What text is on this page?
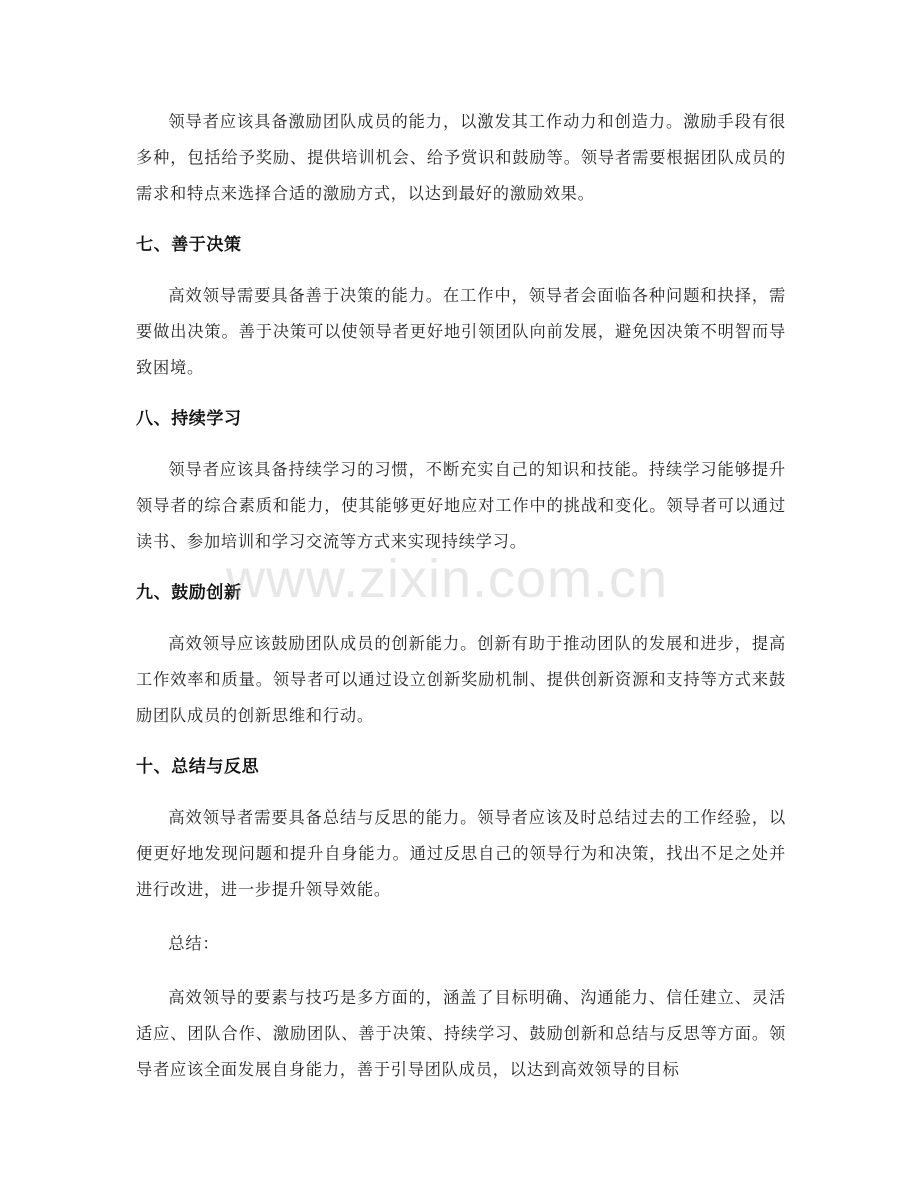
领导者应该具备激励团队成员的能力，以激发其工作动力和创造力。激励手段有很多种，包括给予奖励、提供培训机会、给予赏识和鼓励等。领导者需要根据团队成员的需求和特点来选择合适的激励方式，以达到最好的激励效果。

七、善于决策

高效领导需要具备善于决策的能力。在工作中，领导者会面临各种问题和抉择，需要做出决策。善于决策可以使领导者更好地引领团队向前发展，避免因决策不明智而导致困境。

八、持续学习

领导者应该具备持续学习的习惯，不断充实自己的知识和技能。持续学习能够提升领导者的综合素质和能力，使其能够更好地应对工作中的挑战和变化。领导者可以通过读书、参加培训和学习交流等方式来实现持续学习。

九、鼓励创新

高效领导应该鼓励团队成员的创新能力。创新有助于推动团队的发展和进步，提高工作效率和质量。领导者可以通过设立创新奖励机制、提供创新资源和支持等方式来鼓励团队成员的创新思维和行动。

十、总结与反思

高效领导者需要具备总结与反思的能力。领导者应该及时总结过去的工作经验，以便更好地发现问题和提升自身能力。通过反思自己的领导行为和决策，找出不足之处并进行改进，进一步提升领导效能。

总结：

高效领导的要素与技巧是多方面的，涵盖了目标明确、沟通能力、信任建立、灵活适应、团队合作、激励团队、善于决策、持续学习、鼓励创新和总结与反思等方面。领导者应该全面发展自身能力，善于引导团队成员，以达到高效领导的目标

www.zixin.com.cn
